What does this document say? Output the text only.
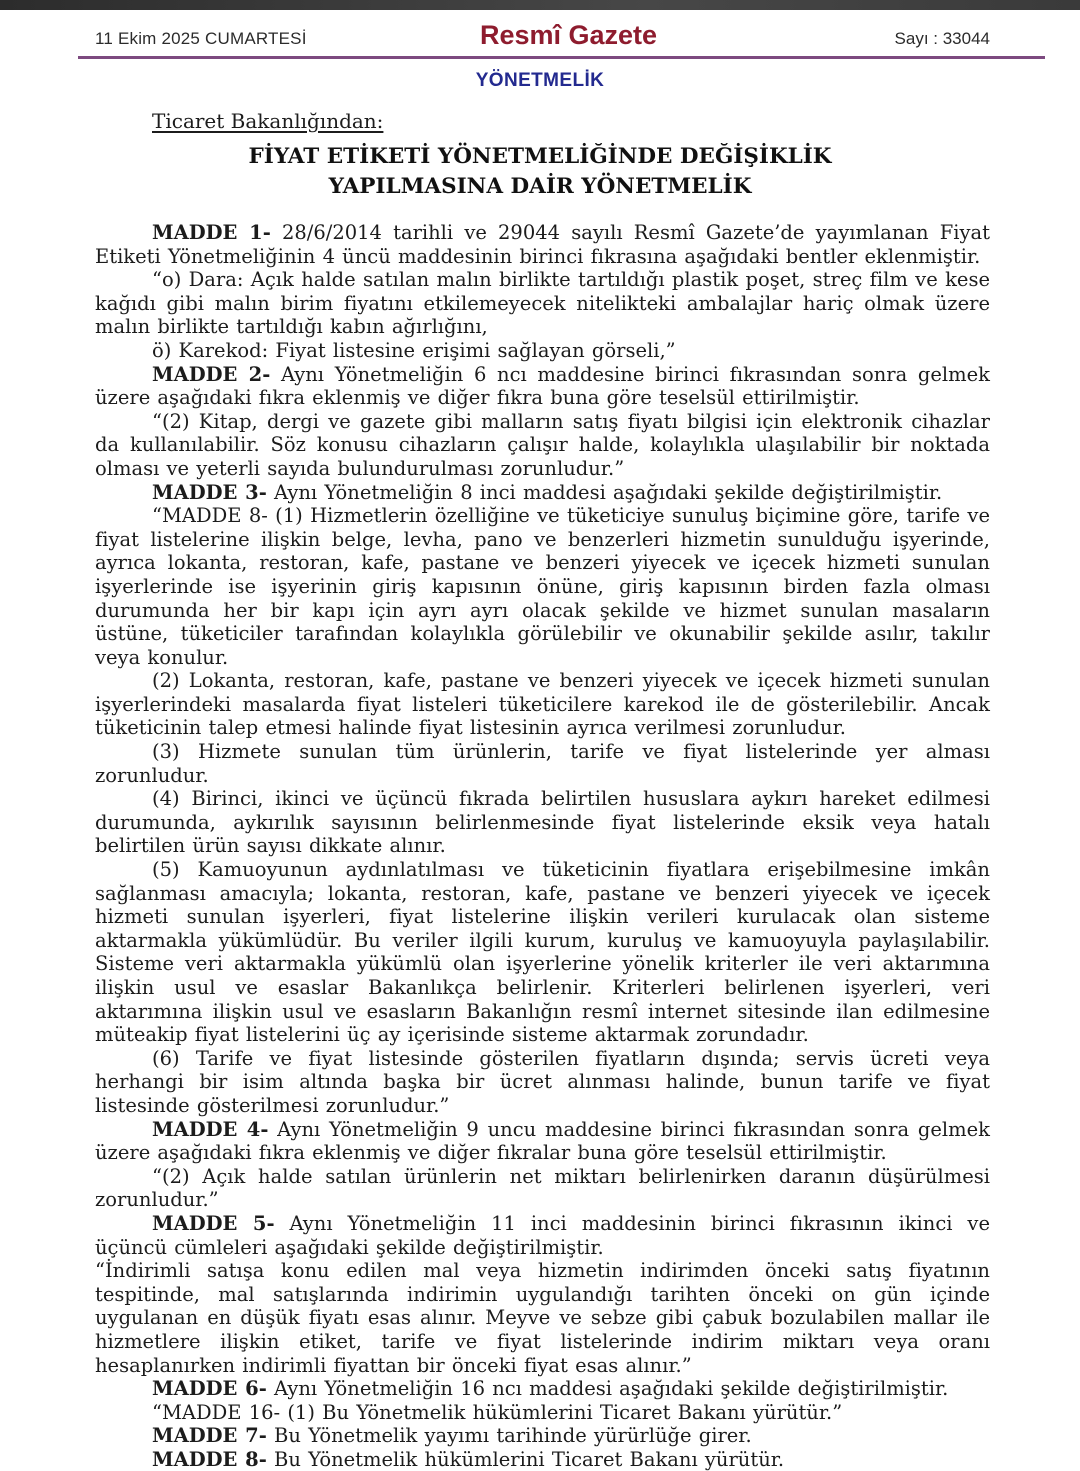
11 Ekim 2025 CUMARTESİ	Resmî Gazete	Sayı : 33044
YÖNETMELİK
Ticaret Bakanlığından:
FİYAT ETİKETİ YÖNETMELİĞİNDE DEĞİŞİKLİK
YAPILMASINA DAİR YÖNETMELİK

MADDE 1- 28/6/2014 tarihli ve 29044 sayılı Resmî Gazete’de yayımlanan Fiyat Etiketi Yönetmeliğinin 4 üncü maddesinin birinci fıkrasına aşağıdaki bentler eklenmiştir.

“o) Dara: Açık halde satılan malın birlikte tartıldığı plastik poşet, streç film ve kese kağıdı gibi malın birim fiyatını etkilemeyecek nitelikteki ambalajlar hariç olmak üzere malın birlikte tartıldığı kabın ağırlığını,

ö) Karekod: Fiyat listesine erişimi sağlayan görseli,”

MADDE 2- Aynı Yönetmeliğin 6 ncı maddesine birinci fıkrasından sonra gelmek üzere aşağıdaki fıkra eklenmiş ve diğer fıkra buna göre teselsül ettirilmiştir.

“(2) Kitap, dergi ve gazete gibi malların satış fiyatı bilgisi için elektronik cihazlar da kullanılabilir. Söz konusu cihazların çalışır halde, kolaylıkla ulaşılabilir bir noktada olması ve yeterli sayıda bulundurulması zorunludur.”

MADDE 3- Aynı Yönetmeliğin 8 inci maddesi aşağıdaki şekilde değiştirilmiştir.

“MADDE 8- (1) Hizmetlerin özelliğine ve tüketiciye sunuluş biçimine göre, tarife ve fiyat listelerine ilişkin belge, levha, pano ve benzerleri hizmetin sunulduğu işyerinde, ayrıca lokanta, restoran, kafe, pastane ve benzeri yiyecek ve içecek hizmeti sunulan işyerlerinde ise işyerinin giriş kapısının önüne, giriş kapısının birden fazla olması durumunda her bir kapı için ayrı ayrı olacak şekilde ve hizmet sunulan masaların üstüne, tüketiciler tarafından kolaylıkla görülebilir ve okunabilir şekilde asılır, takılır veya konulur.

(2) Lokanta, restoran, kafe, pastane ve benzeri yiyecek ve içecek hizmeti sunulan işyerlerindeki masalarda fiyat listeleri tüketicilere karekod ile de gösterilebilir. Ancak tüketicinin talep etmesi halinde fiyat listesinin ayrıca verilmesi zorunludur.

(3) Hizmete sunulan tüm ürünlerin, tarife ve fiyat listelerinde yer alması zorunludur.

(4) Birinci, ikinci ve üçüncü fıkrada belirtilen hususlara aykırı hareket edilmesi durumunda, aykırılık sayısının belirlenmesinde fiyat listelerinde eksik veya hatalı belirtilen ürün sayısı dikkate alınır.

(5) Kamuoyunun aydınlatılması ve tüketicinin fiyatlara erişebilmesine imkân sağlanması amacıyla; lokanta, restoran, kafe, pastane ve benzeri yiyecek ve içecek hizmeti sunulan işyerleri, fiyat listelerine ilişkin verileri kurulacak olan sisteme aktarmakla yükümlüdür. Bu veriler ilgili kurum, kuruluş ve kamuoyuyla paylaşılabilir. Sisteme veri aktarmakla yükümlü olan işyerlerine yönelik kriterler ile veri aktarımına ilişkin usul ve esaslar Bakanlıkça belirlenir. Kriterleri belirlenen işyerleri, veri aktarımına ilişkin usul ve esasların Bakanlığın resmî internet sitesinde ilan edilmesine müteakip fiyat listelerini üç ay içerisinde sisteme aktarmak zorundadır.

(6) Tarife ve fiyat listesinde gösterilen fiyatların dışında; servis ücreti veya herhangi bir isim altında başka bir ücret alınması halinde, bunun tarife ve fiyat listesinde gösterilmesi zorunludur.”

MADDE 4- Aynı Yönetmeliğin 9 uncu maddesine birinci fıkrasından sonra gelmek üzere aşağıdaki fıkra eklenmiş ve diğer fıkralar buna göre teselsül ettirilmiştir.

“(2) Açık halde satılan ürünlerin net miktarı belirlenirken daranın düşürülmesi zorunludur.”

MADDE 5- Aynı Yönetmeliğin 11 inci maddesinin birinci fıkrasının ikinci ve üçüncü cümleleri aşağıdaki şekilde değiştirilmiştir.

“İndirimli satışa konu edilen mal veya hizmetin indirimden önceki satış fiyatının tespitinde, mal satışlarında indirimin uygulandığı tarihten önceki on gün içinde uygulanan en düşük fiyatı esas alınır. Meyve ve sebze gibi çabuk bozulabilen mallar ile hizmetlere ilişkin etiket, tarife ve fiyat listelerinde indirim miktarı veya oranı hesaplanırken indirimli fiyattan bir önceki fiyat esas alınır.”

MADDE 6- Aynı Yönetmeliğin 16 ncı maddesi aşağıdaki şekilde değiştirilmiştir.

“MADDE 16- (1) Bu Yönetmelik hükümlerini Ticaret Bakanı yürütür.”

MADDE 7- Bu Yönetmelik yayımı tarihinde yürürlüğe girer.

MADDE 8- Bu Yönetmelik hükümlerini Ticaret Bakanı yürütür.
